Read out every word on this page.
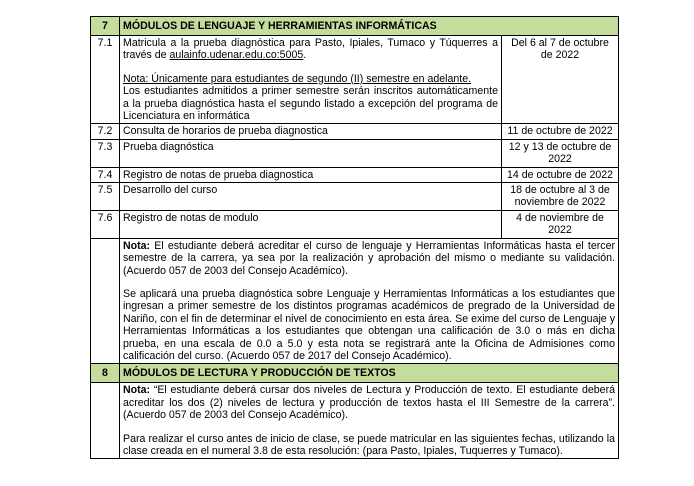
7	MÓDULOS DE LENGUAJE Y HERRAMIENTAS INFORMÁTICAS	
7.1	Matricula a la prueba diagnóstica para Pasto, Ipiales, Tumaco y Túquerres a través de aulainfo.udenar.edu.co:5005.
Nota: Únicamente para estudiantes de segundo (II) semestre en adelante.
Los estudiantes admitidos a primer semestre serán inscritos automáticamente a la prueba diagnóstica hasta el segundo listado a excepción del programa de Licenciatura en informática	Del 6 al 7 de octubre de 2022
7.2	Consulta de horarios de prueba diagnostica	11 de octubre de 2022
7.3	Prueba diagnóstica	12 y 13 de octubre de 2022
7.4	Registro de notas de prueba diagnostica	14 de octubre de 2022
7.5	Desarrollo del curso	18 de octubre al 3 de noviembre de 2022
7.6	Registro de notas de modulo	4 de noviembre de 2022

	Nota: El estudiante deberá acreditar el curso de lenguaje y Herramientas Informáticas hasta el tercer semestre de la carrera, ya sea por la realización y aprobación del mismo o mediante su validación. (Acuerdo 057 de 2003 del Consejo Académico).
Se aplicará una prueba diagnóstica sobre Lenguaje y Herramientas Informáticas a los estudiantes que ingresan a primer semestre de los distintos programas académicos de pregrado de la Universidad de Nariño, con el fin de determinar el nivel de conocimiento en esta área. Se exime del curso de Lenguaje y Herramientas Informáticas a los estudiantes que obtengan una calificación de 3.0 o más en dicha prueba, en una escala de 0.0 a 5.0 y esta nota se registrará ante la Oficina de Admisiones como calificación del curso. (Acuerdo 057 de 2017 del Consejo Académico).	

8	MÓDULOS DE LECTURA Y PRODUCCIÓN DE TEXTOS	

	Nota: “El estudiante deberá cursar dos niveles de Lectura y Producción de texto. El estudiante deberá acreditar los dos (2) niveles de lectura y producción de textos hasta el III Semestre de la carrera”. (Acuerdo 057 de 2003 del Consejo Académico).
Para realizar el curso antes de inicio de clase, se puede matricular en las siguientes fechas, utilizando la clase creada en el numeral 3.8 de esta resolución: (para Pasto, Ipiales, Tuquerres y Tumaco).	
